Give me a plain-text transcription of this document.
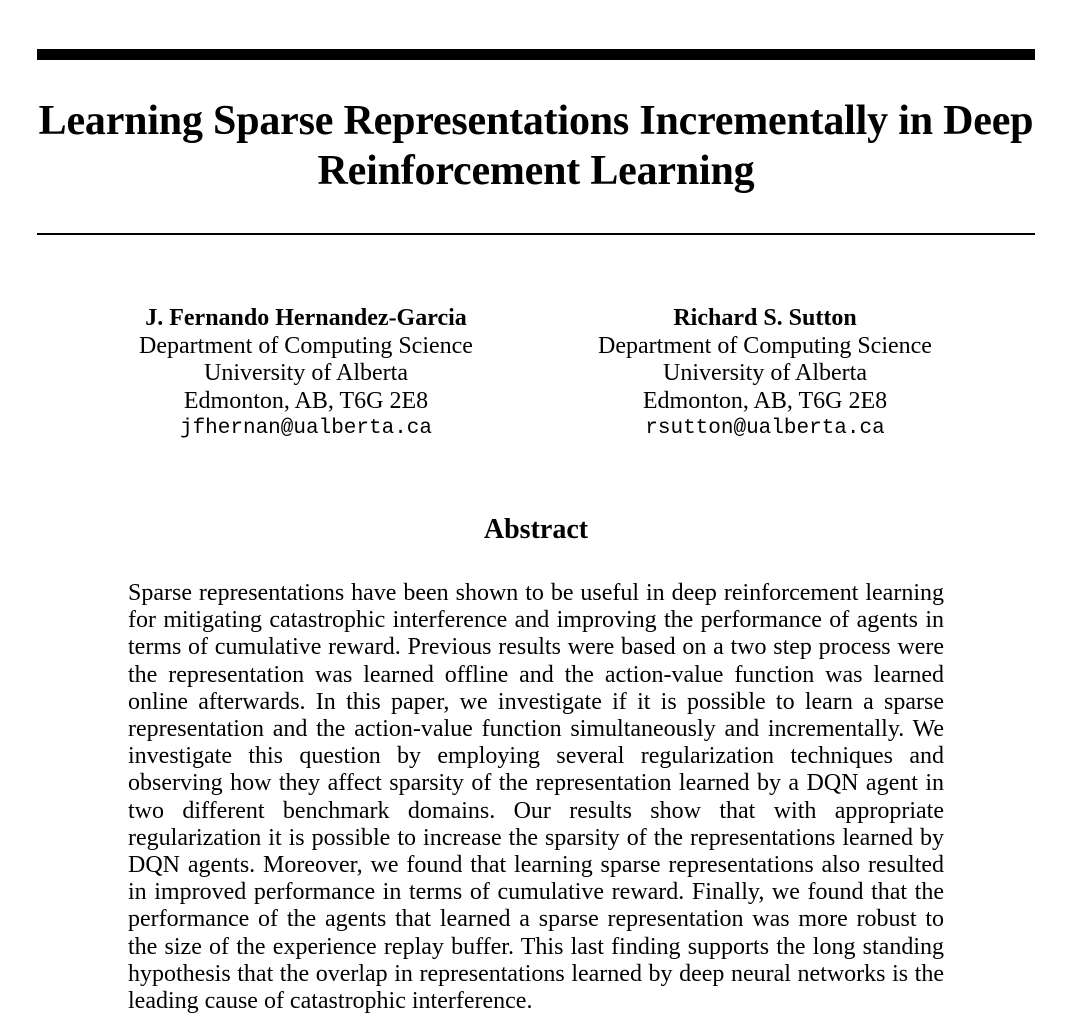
Learning Sparse Representations Incrementally in Deep Reinforcement Learning
J. Fernando Hernandez-Garcia
Department of Computing Science
University of Alberta
Edmonton, AB, T6G 2E8
jfhernan@ualberta.ca
Richard S. Sutton
Department of Computing Science
University of Alberta
Edmonton, AB, T6G 2E8
rsutton@ualberta.ca
Abstract

Sparse representations have been shown to be useful in deep reinforcement learning for mitigating catastrophic interference and improving the performance of agents in terms of cumulative reward. Previous results were based on a two step process were the representation was learned offline and the action-value function was learned online afterwards. In this paper, we investigate if it is possible to learn a sparse representation and the action-value function simultaneously and incrementally. We investigate this question by employing several regularization techniques and observing how they affect sparsity of the representation learned by a DQN agent in two different benchmark domains. Our results show that with appropriate regularization it is possible to increase the sparsity of the representations learned by DQN agents. Moreover, we found that learning sparse representations also resulted in improved performance in terms of cumulative reward. Finally, we found that the performance of the agents that learned a sparse representation was more robust to the size of the experience replay buffer. This last finding supports the long standing hypothesis that the overlap in representations learned by deep neural networks is the leading cause of catastrophic interference.
